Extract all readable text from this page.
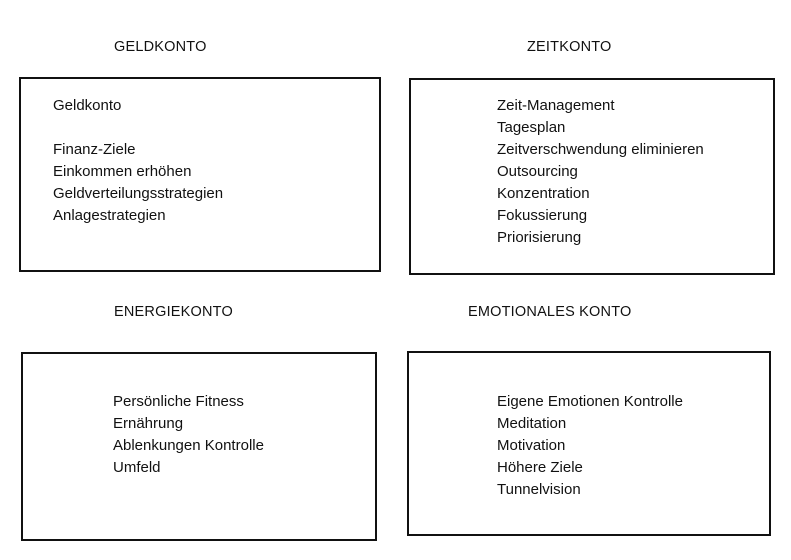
GELDKONTO
Geldkonto
Finanz-Ziele
Einkommen erhöhen
Geldverteilungsstrategien
Anlagestrategien
ZEITKONTO
Zeit-Management
Tagesplan
Zeitverschwendung eliminieren
Outsourcing
Konzentration
Fokussierung
Priorisierung
ENERGIEKONTO
Persönliche Fitness
Ernährung
Ablenkungen Kontrolle
Umfeld
EMOTIONALES KONTO
Eigene Emotionen Kontrolle
Meditation
Motivation
Höhere Ziele
Tunnelvision
